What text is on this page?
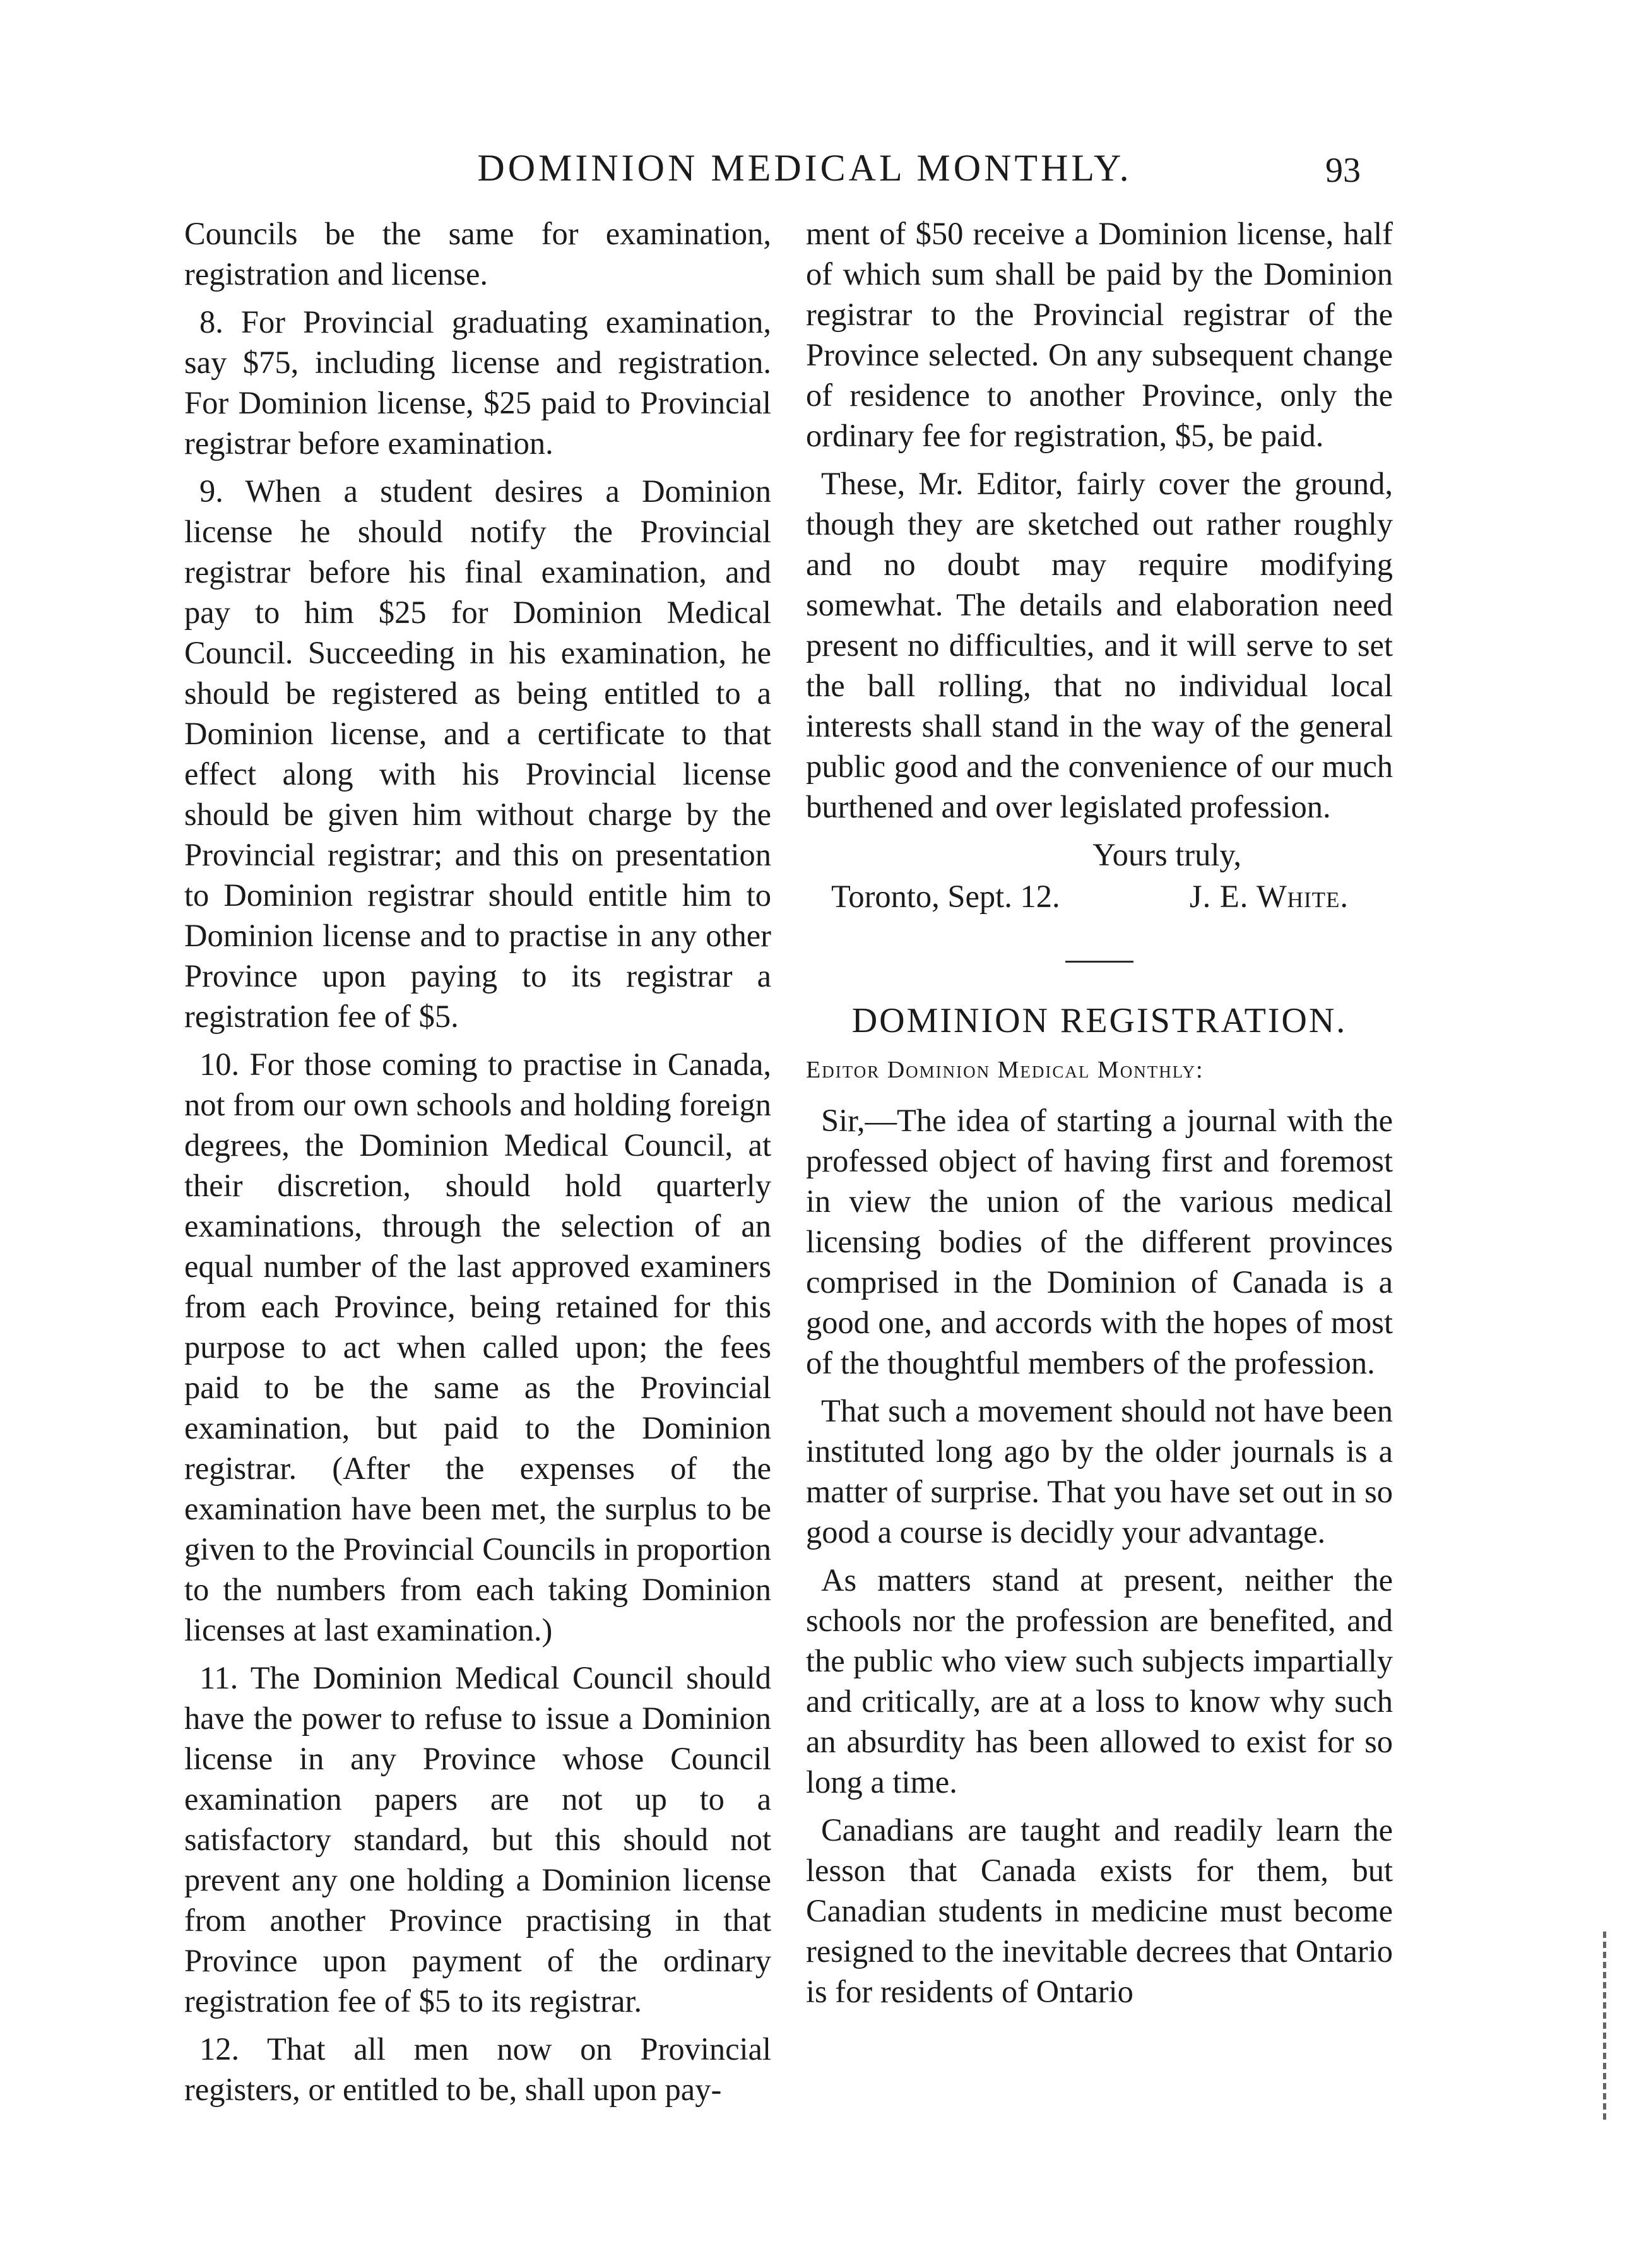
DOMINION MEDICAL MONTHLY.	93

Councils be the same for examination, registration and license.

8. For Provincial graduating examination, say $75, including license and registration. For Dominion license, $25 paid to Provincial registrar before examination.

9. When a student desires a Dominion license he should notify the Provincial registrar before his final examination, and pay to him $25 for Dominion Medical Council. Succeeding in his examination, he should be registered as being entitled to a Dominion license, and a certificate to that effect along with his Provincial license should be given him without charge by the Provincial registrar; and this on presentation to Dominion registrar should entitle him to Dominion license and to practise in any other Province upon paying to its registrar a registration fee of $5.

10. For those coming to practise in Canada, not from our own schools and holding foreign degrees, the Dominion Medical Council, at their discretion, should hold quarterly examinations, through the selection of an equal number of the last approved examiners from each Province, being retained for this purpose to act when called upon; the fees paid to be the same as the Provincial examination, but paid to the Dominion registrar. (After the expenses of the examination have been met, the surplus to be given to the Provincial Councils in proportion to the numbers from each taking Dominion licenses at last examination.)

11. The Dominion Medical Council should have the power to refuse to issue a Dominion license in any Province whose Council examination papers are not up to a satisfactory standard, but this should not prevent any one holding a Dominion license from another Province practising in that Province upon payment of the ordinary registration fee of $5 to its registrar.

12. That all men now on Provincial registers, or entitled to be, shall upon pay-

ment of $50 receive a Dominion license, half of which sum shall be paid by the Dominion registrar to the Provincial registrar of the Province selected. On any subsequent change of residence to another Province, only the ordinary fee for registration, $5, be paid.

These, Mr. Editor, fairly cover the ground, though they are sketched out rather roughly and no doubt may require modifying somewhat. The details and elaboration need present no difficulties, and it will serve to set the ball rolling, that no individual local interests shall stand in the way of the general public good and the convenience of our much burthened and over legislated profession.

Yours truly,

Toronto, Sept. 12.	J. E. White.

DOMINION REGISTRATION.

Editor Dominion Medical Monthly:

Sir,—The idea of starting a journal with the professed object of having first and foremost in view the union of the various medical licensing bodies of the different provinces comprised in the Dominion of Canada is a good one, and accords with the hopes of most of the thoughtful members of the profession.

That such a movement should not have been instituted long ago by the older journals is a matter of surprise. That you have set out in so good a course is decidly your advantage.

As matters stand at present, neither the schools nor the profession are benefited, and the public who view such subjects impartially and critically, are at a loss to know why such an absurdity has been allowed to exist for so long a time.

Canadians are taught and readily learn the lesson that Canada exists for them, but Canadian students in medicine must become resigned to the inevitable decrees that Ontario is for residents of Ontario
